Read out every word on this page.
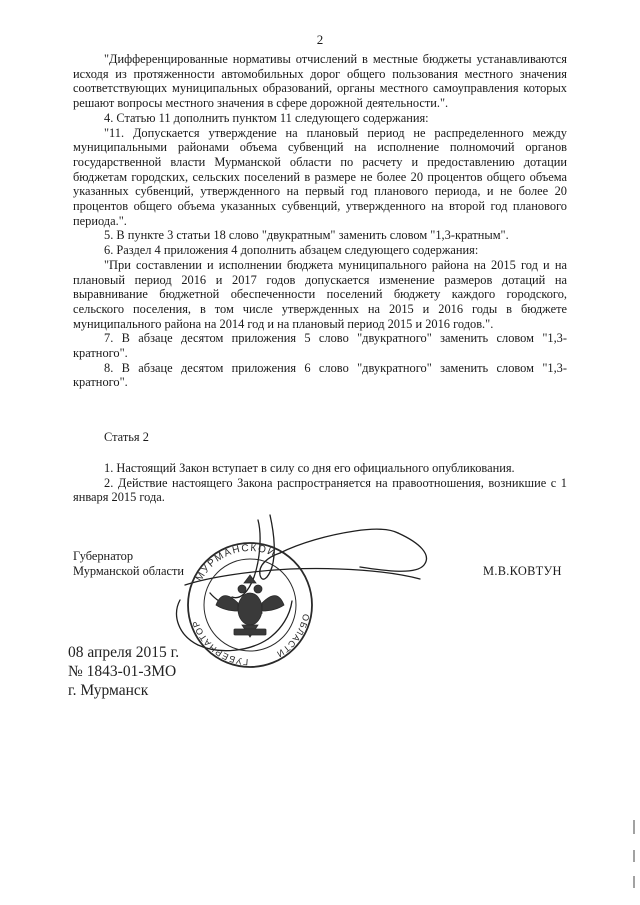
2

"Дифференцированные нормативы отчислений в местные бюджеты устанавливаются исходя из протяженности автомобильных дорог общего пользования местного значения соответствующих муниципальных образований, органы местного самоуправления которых решают вопросы местного значения в сфере дорожной деятельности.".

4. Статью 11 дополнить пунктом 11 следующего содержания:

"11. Допускается утверждение на плановый период не распределенного между муниципальными районами объема субвенций на исполнение полномочий органов государственной власти Мурманской области по расчету и предоставлению дотации бюджетам городских, сельских поселений в размере не более 20 процентов общего объема указанных субвенций, утвержденного на первый год планового периода, и не более 20 процентов общего объема указанных субвенций, утвержденного на второй год планового периода.".

5. В пункте 3 статьи 18 слово "двукратным" заменить словом "1,3-кратным".

6. Раздел 4 приложения 4 дополнить абзацем следующего содержания:

"При составлении и исполнении бюджета муниципального района на 2015 год и на плановый период 2016 и 2017 годов допускается изменение размеров дотаций на выравнивание бюджетной обеспеченности поселений бюджету каждого городского, сельского поселения, в том числе утвержденных на 2015 и 2016 годы в бюджете муниципального района на 2014 год и на плановый период 2015 и 2016 годов.".

7. В абзаце десятом приложения 5 слово "двукратного" заменить словом "1,3-кратного".

8. В абзаце десятом приложения 6 слово "двукратного" заменить словом "1,3-кратного".

Статья 2

1. Настоящий Закон вступает в силу со дня его официального опубликования.

2. Действие настоящего Закона распространяется на правоотношения, возникшие с 1 января 2015 года.

Губернатор
Мурманской области МУРМАНСКОЙ
ГУБЕРНАТОР
ОБЛАСТИ
М.В.КОВТУН
08 апреля 2015 г.
№ 1843-01-ЗМО
г. Мурманск
